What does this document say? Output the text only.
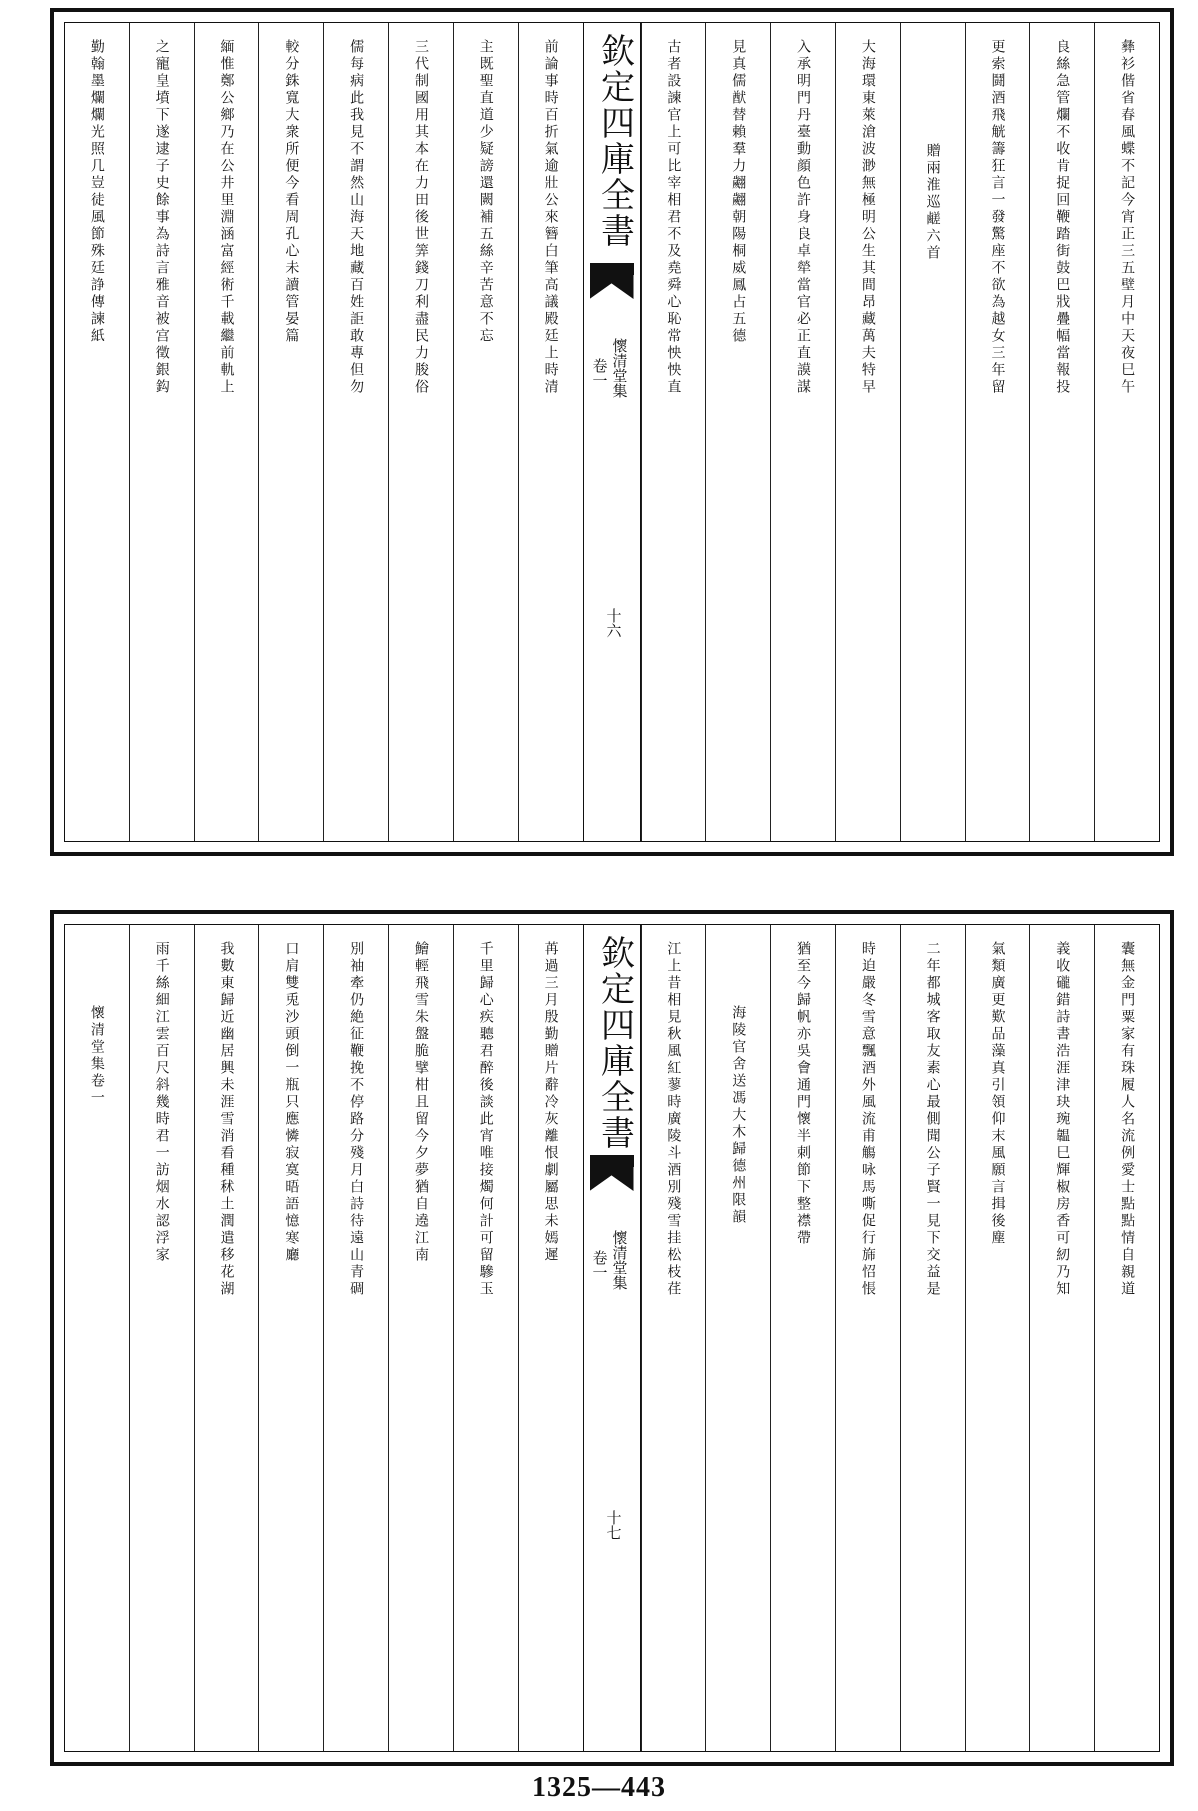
彝衫偕省春風蝶不記今宵正三五壁月中天夜巳午
良絲急管爛不收肯捉回鞭踏街鼓巴戕疊幅當報投
更索鬪酒飛觥籌狂言一發驚座不欲為越女三年留
贈兩淮巡鹺六首
大海環東萊滄波渺無極明公生其間昂藏萬夫特早
入承明門丹臺動顔色許身良卓犖當官必正直謨謀
見真儒猷替賴羣力翽翽朝陽桐威鳳占五德
古者設諫官上可比宰相君不及堯舜心恥常怏怏直
欽定四庫全書
懷清堂集
卷一
十六
前論事時百折氣逾壯公來簪白筆高議殿廷上時清
主既聖直道少疑謗還闕補五絲辛苦意不忘
三代制國用其本在力田後世筭錢刀利盡民力朘俗
儒每病此我見不謂然山海天地藏百姓詎敢專但勿
較分銖寬大衆所便今看周孔心未讀管晏篇
緬惟鄭公鄉乃在公井里淵涵富經術千載繼前軌上
之寵皇墳下遂逮子史餘事為詩言雅音被宫徵銀鈎
勤翰墨爛爛光照几豈徒風節殊廷諍傳諫紙
囊無金門粟家有珠履人名流例愛士點點情自親道
義收礲錯詩書浩涯津玦琬韞巳輝椒房香可紉乃知
氣類廣更歎品藻真引領仰末風願言揖後塵
二年都城客取友素心最側聞公子賢一見下交益是
時迫嚴冬雪意飄酒外風流甫觴咏馬嘶促行旆怊悵
猶至今歸帆亦吳會通門懷半刺節下整襟帶
海陵官舍送馮大木歸德州限韻
江上昔相見秋風紅蓼時廣陵斗酒別殘雪挂松枝荏
欽定四庫全書
懷清堂集
卷一
十七
苒過三月殷勤贈片辭冷灰離恨劇屬思未嫣遲
千里歸心疾聽君醉後談此宵唯接燭何計可留驂玉
鱠輕飛雪朱盤脆擘柑且留今夕夢猶自遶江南
別袖牽仍絶征鞭挽不停路分殘月白詩待遠山青碉
口肩雙兎沙頭倒一瓶只應憐寂寞晤語憶寒廳
我數東歸近幽居興未涯雪消看種秫土潤遣移花湖
雨千絲細江雲百尺斜幾時君一訪烟水認浮家
懷清堂集卷一
1325—443
